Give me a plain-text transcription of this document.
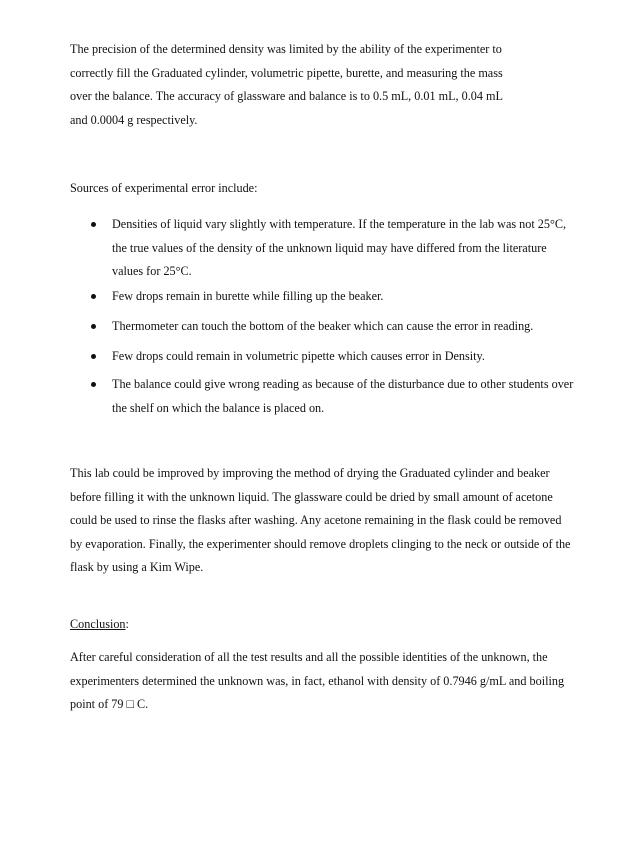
The precision of the determined density was limited by the ability of the experimenter to
correctly fill the Graduated cylinder, volumetric pipette, burette, and measuring the mass
over the balance. The accuracy of glassware and balance is to 0.5 mL, 0.01 mL, 0.04 mL
and 0.0004 g respectively.
Sources of experimental error include:
Densities of liquid vary slightly with temperature. If the temperature in the lab was not 25°C,
the true values of the density of the unknown liquid may have differed from the literature
values for 25°C.
Few drops remain in burette while filling up the beaker.
Thermometer can touch the bottom of the beaker which can cause the error in reading.
Few drops could remain in volumetric pipette which causes error in Density.
The balance could give wrong reading as because of the disturbance due to other students over
the shelf on which the balance is placed on.
This lab could be improved by improving the method of drying the Graduated cylinder and beaker
before filling it with the unknown liquid. The glassware could be dried by small amount of acetone
could be used to rinse the flasks after washing. Any acetone remaining in the flask could be removed
by evaporation. Finally, the experimenter should remove droplets clinging to the neck or outside of the
flask by using a Kim Wipe.
Conclusion:
After careful consideration of all the test results and all the possible identities of the unknown, the
experimenters determined the unknown was, in fact, ethanol with density of 0.7946 g/mL and boiling
point of 79 □ C.
